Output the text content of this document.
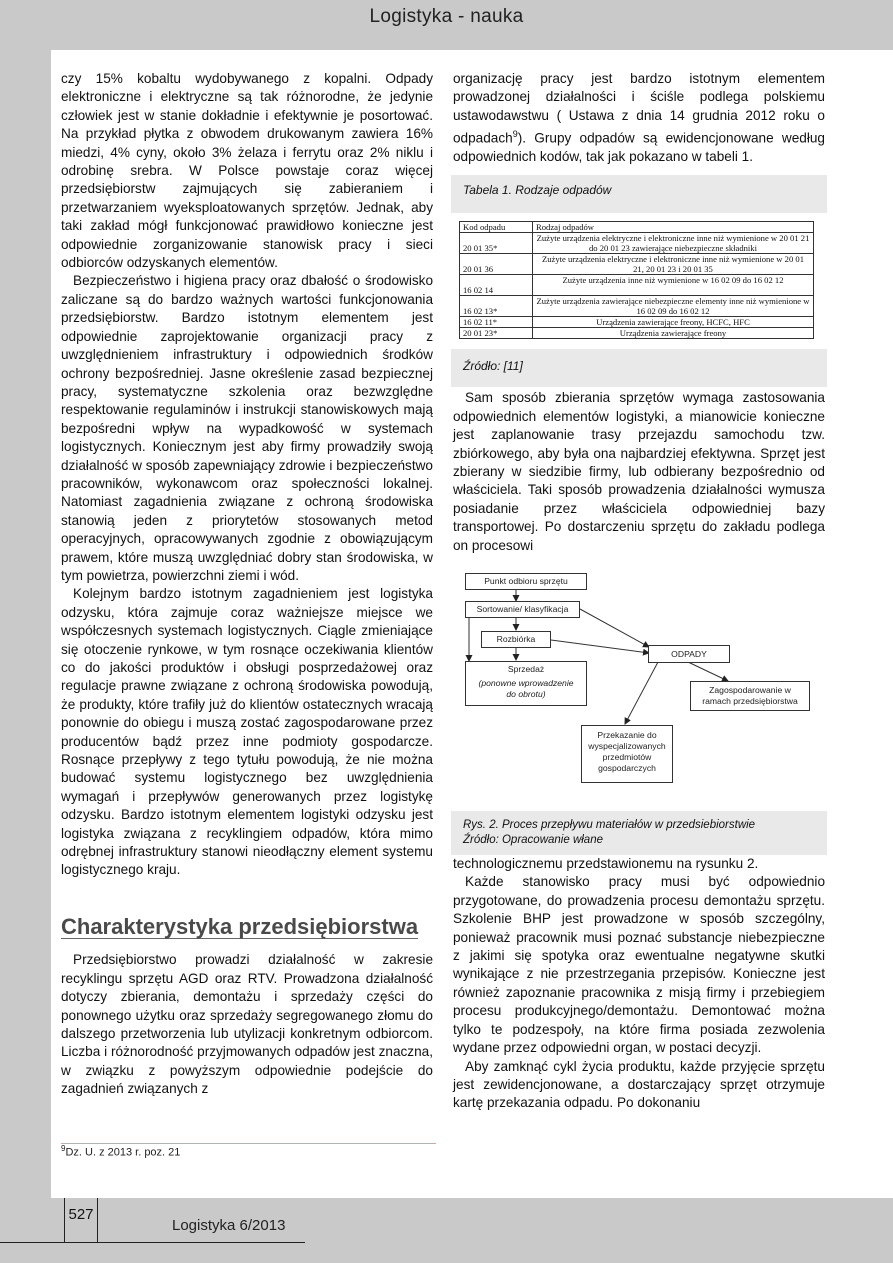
Logistyka - nauka

czy 15% kobaltu wydobywanego z kopalni. Odpady elektroniczne i elektryczne są tak różnorodne, że jedynie człowiek jest w stanie dokładnie i efektywnie je posortować. Na przykład płytka z obwodem drukowanym zawiera 16% miedzi, 4% cyny, około 3% żelaza i ferrytu oraz 2% niklu i odrobinę srebra. W Polsce powstaje coraz więcej przedsiębiorstw zajmujących się zabieraniem i przetwarzaniem wyeksploatowanych sprzętów. Jednak, aby taki zakład mógł funkcjonować prawidłowo konieczne jest odpowiednie zorganizowanie stanowisk pracy i sieci odbiorców odzyskanych elementów.

Bezpieczeństwo i higiena pracy oraz dbałość o środowisko zaliczane są do bardzo ważnych wartości funkcjonowania przedsiębiorstw. Bardzo istotnym elementem jest odpowiednie zaprojektowanie organizacji pracy z uwzględnieniem infrastruktury i odpowiednich środków ochrony bezpośredniej. Jasne określenie zasad bezpiecznej pracy, systematyczne szkolenia oraz bezwzględne respektowanie regulaminów i instrukcji stanowiskowych mają bezpośredni wpływ na wypadkowość w systemach logistycznych. Koniecznym jest aby firmy prowadziły swoją działalność w sposób zapewniający zdrowie i bezpieczeństwo pracowników, wykonawcom oraz społeczności lokalnej. Natomiast zagadnienia związane z ochroną środowiska stanowią jeden z priorytetów stosowanych metod operacyjnych, opracowywanych zgodnie z obowiązującym prawem, które muszą uwzględniać dobry stan środowiska, w tym powietrza, powierzchni ziemi i wód.

Kolejnym bardzo istotnym zagadnieniem jest logistyka odzysku, która zajmuje coraz ważniejsze miejsce we współczesnych systemach logistycznych. Ciągle zmieniające się otoczenie rynkowe, w tym rosnące oczekiwania klientów co do jakości produktów i obsługi posprzedażowej oraz regulacje prawne związane z ochroną środowiska powodują, że produkty, które trafiły już do klientów ostatecznych wracają ponownie do obiegu i muszą zostać zagospodarowane przez producentów bądź przez inne podmioty gospodarcze. Rosnące przepływy z tego tytułu powodują, że nie można budować systemu logistycznego bez uwzględnienia wymagań i przepływów generowanych przez logistykę odzysku. Bardzo istotnym elementem logistyki odzysku jest logistyka związana z recyklingiem odpadów, która mimo odrębnej infrastruktury stanowi nieodłączny element systemu logistycznego kraju.

Charakterystyka przedsiębiorstwa

Przedsiębiorstwo prowadzi działalność w zakresie recyklingu sprzętu AGD oraz RTV. Prowadzona działalność dotyczy zbierania, demontażu i sprzedaży części do ponownego użytku oraz sprzedaży segregowanego złomu do dalszego przetworzenia lub utylizacji konkretnym odbiorcom. Liczba i różnorodność przyjmowanych odpadów jest znaczna, w związku z powyższym odpowiednie podejście do zagadnień związanych z

$^9$Dz. U. z 2013 r. poz. 21

organizację pracy jest bardzo istotnym elementem prowadzonej działalności i ściśle podlega polskiemu ustawodawstwu ( Ustawa z dnia 14 grudnia 2012 roku o odpadach$^9$). Grupy odpadów są ewidencjonowane według odpowiednich kodów, tak jak pokazano w tabeli 1.

Tabela 1. Rodzaje odpadów
Kod odpadu	Rodzaj odpadów
20 01 35*	Zużyte urządzenia elektryczne i elektroniczne inne niż wymienione w 20 01 21 do 20 01 23 zawierające niebezpieczne składniki
20 01 36	Zużyte urządzenia elektryczne i elektroniczne inne niż wymienione w 20 01 21, 20 01 23 i 20 01 35
16 02 14	Zużyte urządzenia inne niż wymienione w 16 02 09 do 16 02 12
16 02 13*	Zużyte urządzenia zawierające niebezpieczne elementy inne niż wymienione w 16 02 09 do 16 02 12
16 02 11*	Urządzenia zawierające freony, HCFC, HFC
20 01 23*	Urządzenia zawierające freony
Źródło: [11]

Sam sposób zbierania sprzętów wymaga zastosowania odpowiednich elementów logistyki, a mianowicie konieczne jest zaplanowanie trasy przejazdu samochodu tzw. zbiórkowego, aby była ona najbardziej efektywna. Sprzęt jest zbierany w siedzibie firmy, lub odbierany bezpośrednio od właściciela. Taki sposób prowadzenia działalności wymusza posiadanie przez właściciela odpowiedniej bazy transportowej. Po dostarczeniu sprzętu do zakładu podlega on procesowi

Punkt odbioru sprzętu
Sortowanie/ klasyfikacja
Rozbiórka
ODPADY
Sprzedaż
(ponowne wprowadzenie do obrotu)	Zagospodarowanie w ramach przedsiębiorstwa
Przekazanie do wyspecjalizowanych przedmiotów gospodarczych
Rys. 2. Proces przepływu materiałów w przedsiebiorstwie
Źródło: Opracowanie włane

technologicznemu przedstawionemu na rysunku 2.

Każde stanowisko pracy musi być odpowiednio przygotowane, do prowadzenia procesu demontażu sprzętu. Szkolenie BHP jest prowadzone w sposób szczególny, ponieważ pracownik musi poznać substancje niebezpieczne z jakimi się spotyka oraz ewentualne negatywne skutki wynikające z nie przestrzegania przepisów. Konieczne jest również zapoznanie pracownika z misją firmy i przebiegiem procesu produkcyjnego/demontażu. Demontować można tylko te podzespoły, na które firma posiada zezwolenia wydane przez odpowiedni organ, w postaci decyzji.

Aby zamknąć cykl życia produktu, każde przyjęcie sprzętu jest zewidencjonowane, a dostarczający sprzęt otrzymuje kartę przekazania odpadu. Po dokonaniu

527
Logistyka 6/2013
